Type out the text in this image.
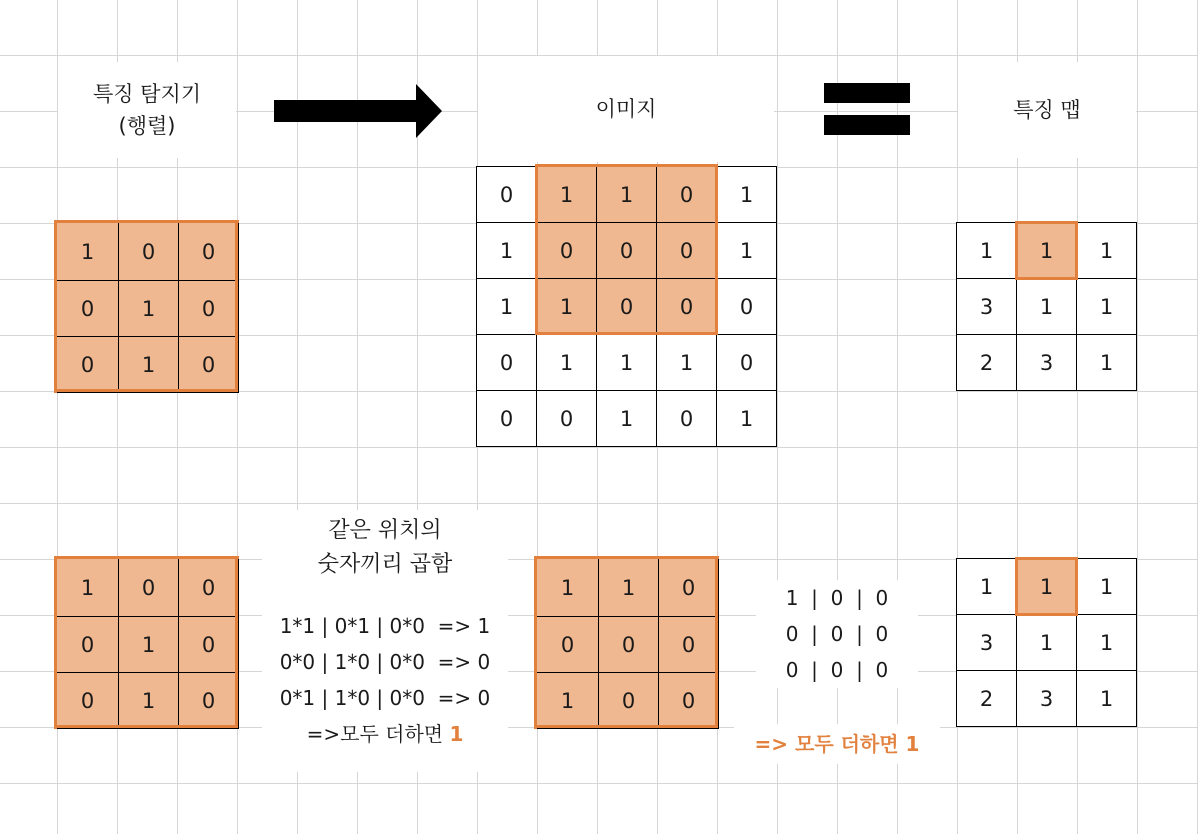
특징 탐지기
(행렬)
이미지	특징 맵
1	0	0
0	1	0
0	1	0
0	1	1	0	1
1	0	0	0	1
1	1	0	0	0
0	1	1	1	0
0	0	1	0	1
1	1	1
3	1	1
2	3	1
1	0	0
0	1	0
0	1	0
같은 위치의
숫자끼리 곱함
1*1 | 0*1 | 0*0  => 1
0*0 | 1*0 | 0*0  => 0
0*1 | 1*0 | 0*0  => 0
=>모두 더하면 1
1	1	0
0	0	0
1	0	0
1  |  0  |  0
0  |  0  |  0
0  |  0  |  0
=> 모두 더하면 1
1	1	1
3	1	1
2	3	1
